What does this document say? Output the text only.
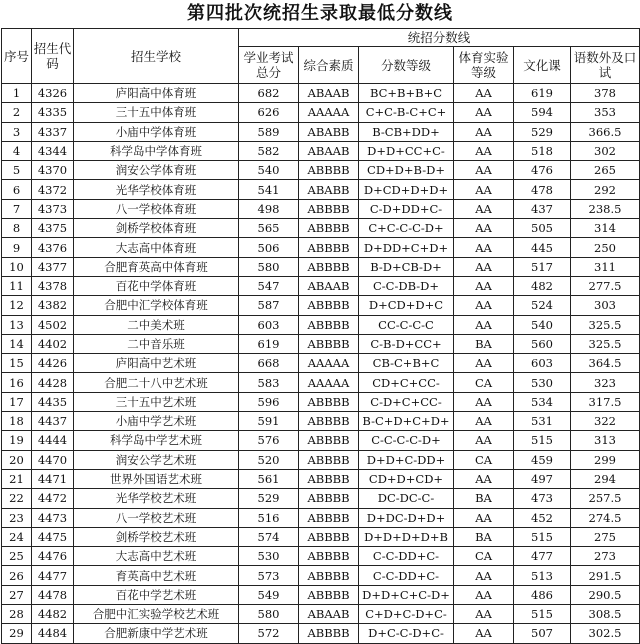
第四批次统招生录取最低分数线
序号	招生代码	招生学校	统招分数线					
			学业考试总分	综合素质	分数等级	体育实验等级	文化课	语数外及口试
1	4326	庐阳高中体育班	682	ABAAB	BC+B+B+C	AA	619	378
2	4335	三十五中体育班	626	AAAAA	C+C-B-C+C+	AA	594	353
3	4337	小庙中学体育班	589	ABABB	B-CB+DD+	AA	529	366.5
4	4344	科学岛中学体育班	582	ABAAB	D+D+CC+C-	AA	518	302
5	4370	润安公学体育班	540	ABBBB	CD+D+B-D+	AA	476	265
6	4372	光华学校体育班	541	ABABB	D+CD+D+D+	AA	478	292
7	4373	八一学校体育班	498	ABBBB	C-D+DD+C-	AA	437	238.5
8	4375	剑桥学校体育班	565	ABBBB	C+C-C-C-D+	AA	505	314
9	4376	大志高中体育班	506	ABBBB	D+DD+C+D+	AA	445	250
10	4377	合肥育英高中体育班	580	ABBBB	B-D+CB-D+	AA	517	311
11	4378	百花中学体育班	547	ABAAB	C-C-DB-D+	AA	482	277.5
12	4382	合肥中汇学校体育班	587	ABBBB	D+CD+D+C	AA	524	303
13	4502	二中美术班	603	ABBBB	CC-C-C-C	AA	540	325.5
14	4402	二中音乐班	619	ABBBB	C-B-D+CC+	BA	560	325.5
15	4426	庐阳高中艺术班	668	AAAAA	CB-C+B+C	AA	603	364.5
16	4428	合肥二十八中艺术班	583	AAAAA	CD+C+CC-	CA	530	323
17	4435	三十五中艺术班	596	ABBBB	C-D+C+CC-	AA	534	317.5
18	4437	小庙中学艺术班	591	ABBBB	B-C+D+C+D+	AA	531	322
19	4444	科学岛中学艺术班	576	ABBBB	C-C-C-C-D+	AA	515	313
20	4470	润安公学艺术班	520	ABBBB	D+D+C-DD+	CA	459	299
21	4471	世界外国语艺术班	561	ABBBB	CD+D+CD+	AA	497	294
22	4472	光华学校艺术班	529	ABBBB	DC-DC-C-	BA	473	257.5
23	4473	八一学校艺术班	516	ABBBB	D+DC-D+D+	AA	452	274.5
24	4475	剑桥学校艺术班	574	ABBBB	D+D+D+D+B	BA	515	275
25	4476	大志高中艺术班	530	ABBBB	C-C-DD+C-	CA	477	273
26	4477	育英高中艺术班	573	ABBBB	C-C-DD+C-	AA	513	291.5
27	4478	百花中学艺术班	549	ABBBB	D+D+C+C-D+	AA	486	290.5
28	4482	合肥中汇实验学校艺术班	580	ABAAB	C+D+C-D+C-	AA	515	308.5
29	4484	合肥新康中学艺术班	572	ABBBB	D+C-C-D+C-	AA	507	302.5
